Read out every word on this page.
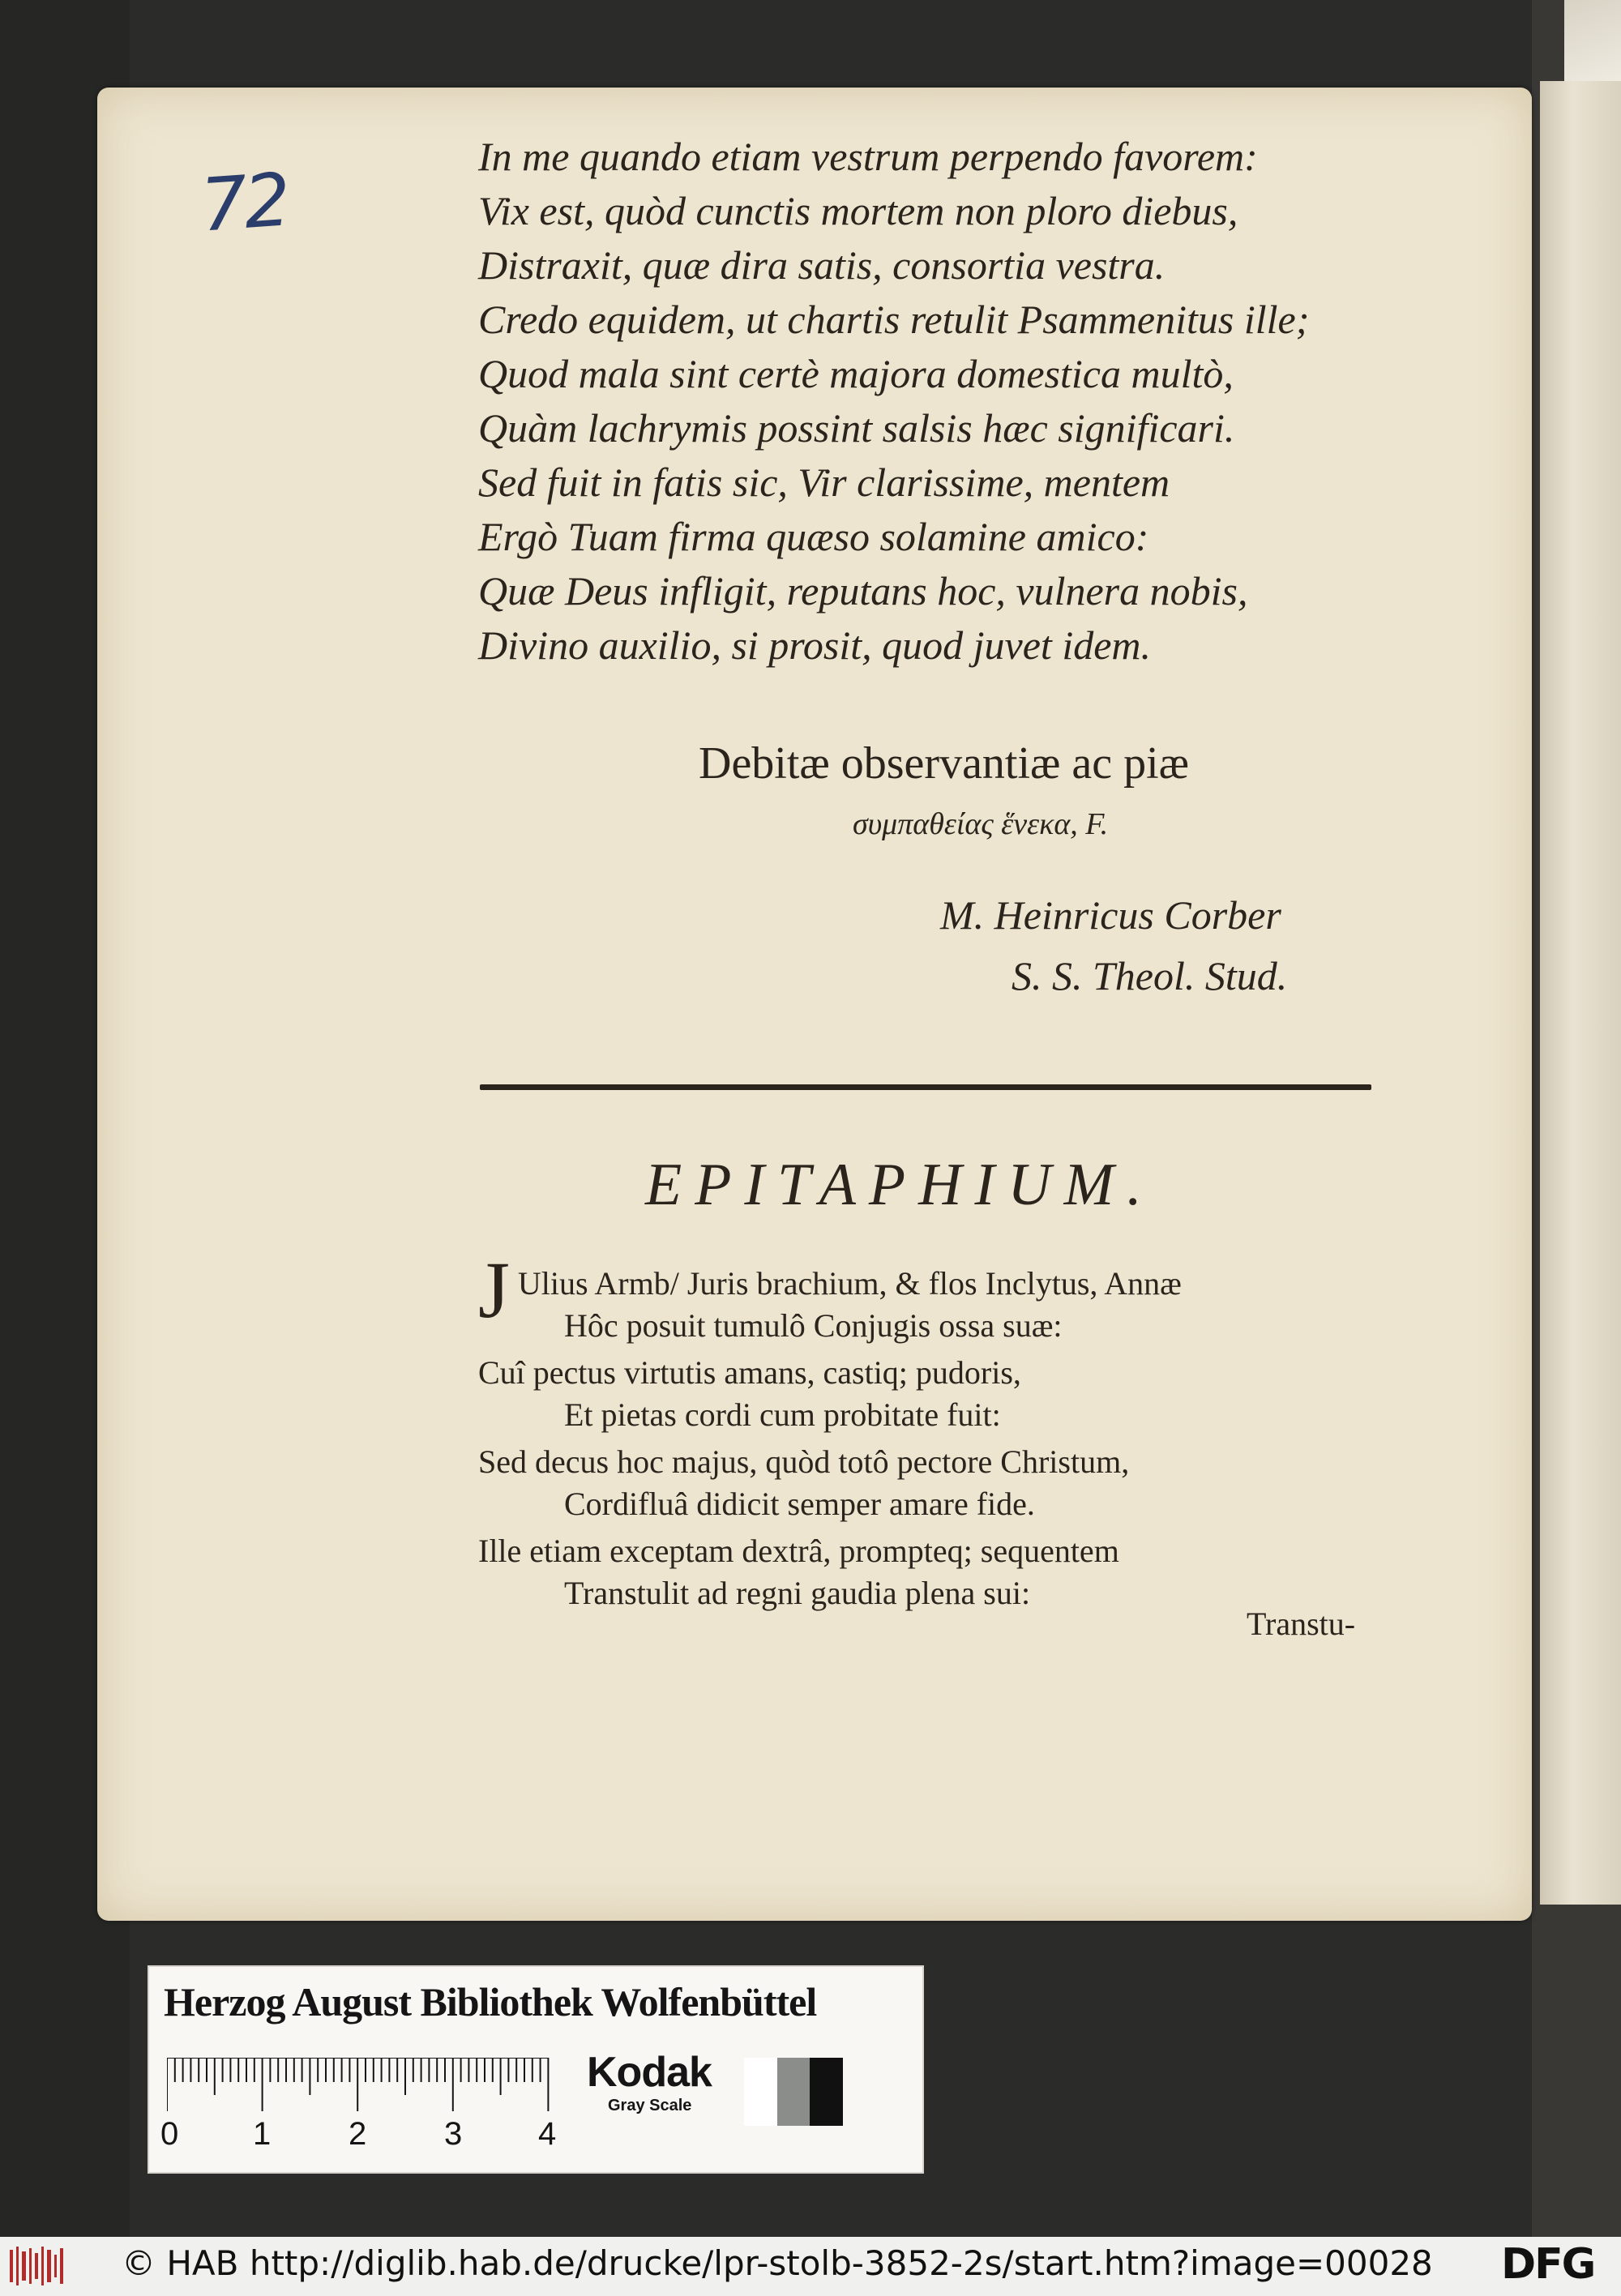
72
In me quando etiam vestrum perpendo favorem:
Vix est, quòd cunctis mortem non ploro diebus,
Distraxit, quæ dira satis, consortia vestra.
Credo equidem, ut chartis retulit Psammenitus ille;
Quod mala sint certè majora domestica multò,
Quàm lachrymis possint salsis hæc significari.
Sed fuit in fatis sic, Vir clarissime, mentem
Ergò Tuam firma quæso solamine amico:
Quæ Deus infligit, reputans hoc, vulnera nobis,
Divino auxilio, si prosit, quod juvet idem.
Debitæ observantiæ ac piæ
συμπαθείας ἕνεκα, F.
M. Heinricus Corber
S. S. Theol. Stud.
EPITAPHIUM.
J Ulius Armb/ Juris brachium, & flos Inclytus, Annæ
Hôc posuit tumulô Conjugis ossa suæ:
Cuî pectus virtutis amans, castiq; pudoris,
Et pietas cordi cum probitate fuit:
Sed decus hoc majus, quòd totô pectore Christum,
Cordifluâ didicit semper amare fide.
Ille etiam exceptam dextrâ, prompteq; sequentem
Transtulit ad regni gaudia plena sui:
Transtu-
Herzog August Bibliothek Wolfenbüttel
0 1 2 3 4
Kodak
Gray Scale
© HAB http://diglib.hab.de/drucke/lpr-stolb-3852-2s/start.htm?image=00028 DFG
